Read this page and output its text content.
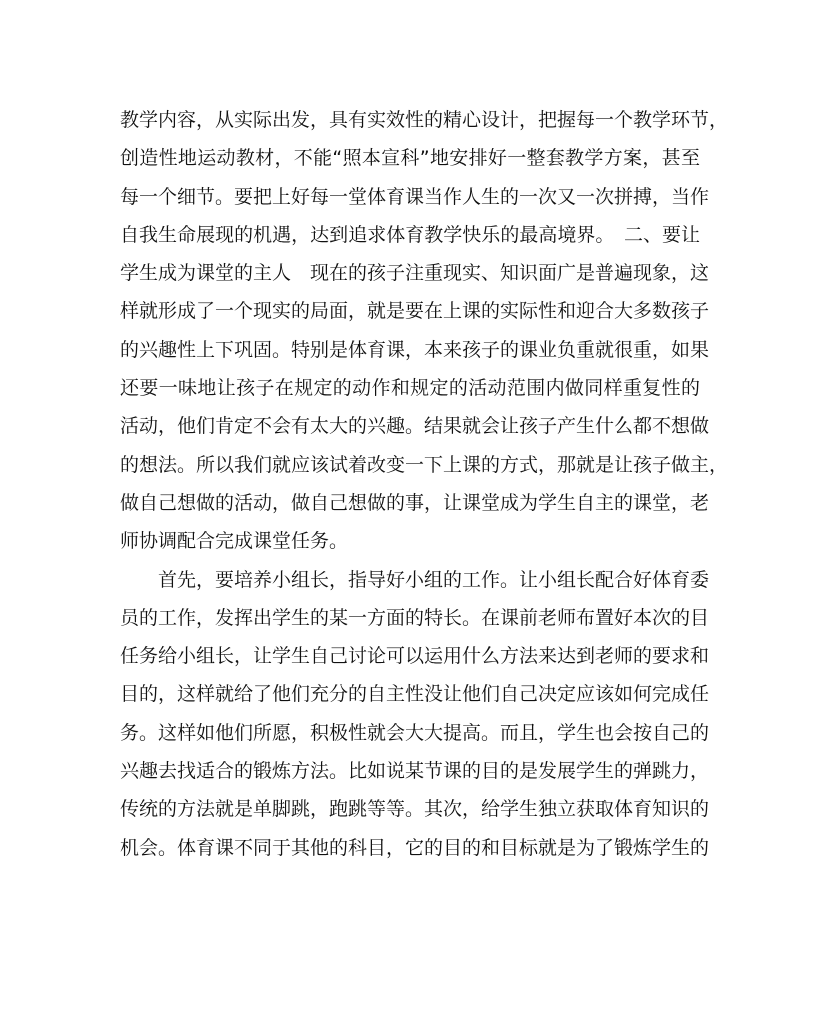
教学内容，从实际出发，具有实效性的精心设计，把握每一个教学环节，
创造性地运动教材，不能“照本宣科”地安排好一整套教学方案，甚至
每一个细节。要把上好每一堂体育课当作人生的一次又一次拼搏，当作
自我生命展现的机遇，达到追求体育教学快乐的最高境界。　二、要让
学生成为课堂的主人　现在的孩子注重现实、知识面广是普遍现象，这
样就形成了一个现实的局面，就是要在上课的实际性和迎合大多数孩子
的兴趣性上下巩固。特别是体育课，本来孩子的课业负重就很重，如果
还要一味地让孩子在规定的动作和规定的活动范围内做同样重复性的
活动，他们肯定不会有太大的兴趣。结果就会让孩子产生什么都不想做
的想法。所以我们就应该试着改变一下上课的方式，那就是让孩子做主，
做自己想做的活动，做自己想做的事，让课堂成为学生自主的课堂，老
师协调配合完成课堂任务。
首先，要培养小组长，指导好小组的工作。让小组长配合好体育委
员的工作，发挥出学生的某一方面的特长。在课前老师布置好本次的目
任务给小组长，让学生自己讨论可以运用什么方法来达到老师的要求和
目的，这样就给了他们充分的自主性没让他们自己决定应该如何完成任
务。这样如他们所愿，积极性就会大大提高。而且，学生也会按自己的
兴趣去找适合的锻炼方法。比如说某节课的目的是发展学生的弹跳力，
传统的方法就是单脚跳，跑跳等等。其次，给学生独立获取体育知识的
机会。体育课不同于其他的科目，它的目的和目标就是为了锻炼学生的
